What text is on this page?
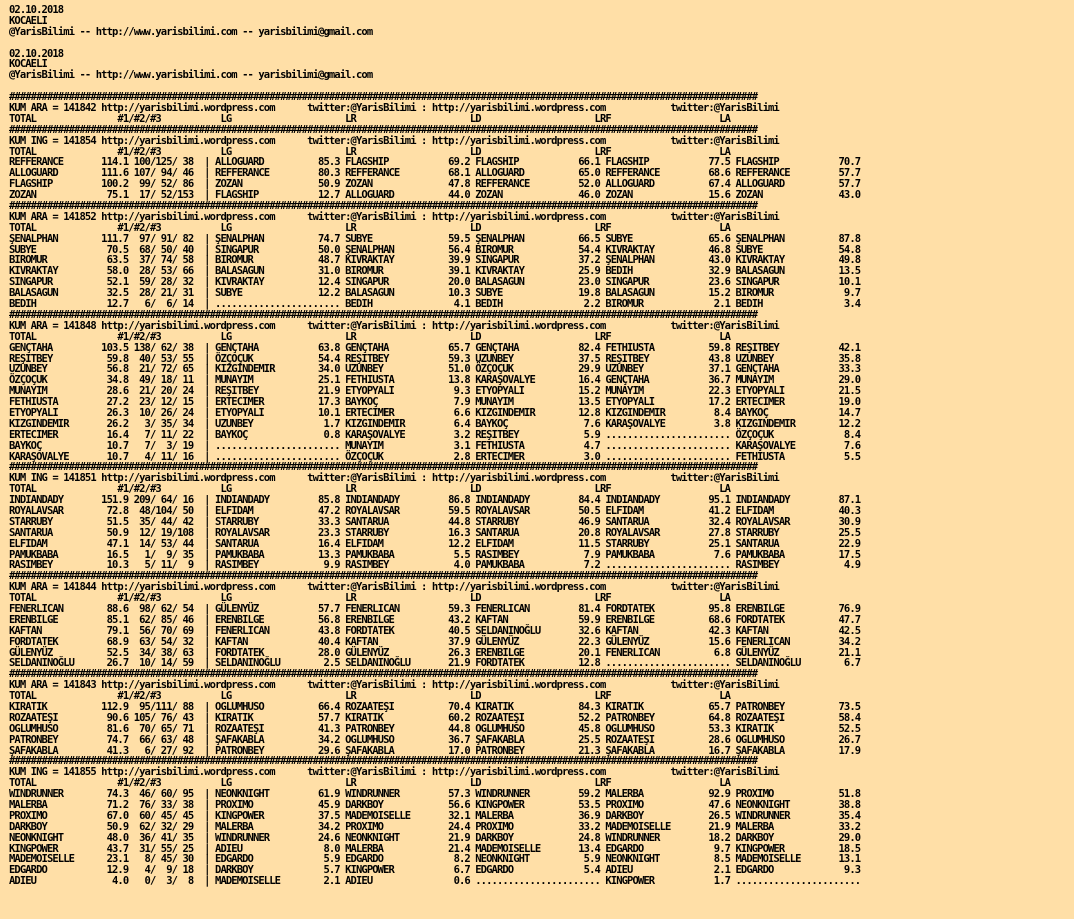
02.10.2018
KOCAELI
@YarisBilimi -- http://www.yarisbilimi.com -- yarisbilimi@gmail.com
02.10.2018
KOCAELI
@YarisBilimi -- http://www.yarisbilimi.com -- yarisbilimi@gmail.com
##########################################################################################################################################
KUM ARA = 141842 http://yarisbilimi.wordpress.com      twitter:@YarisBilimi : http://yarisbilimi.wordpress.com            twitter:@YarisBilimi
TOTAL               #1/#2/#3           LG                     LR                     LD                     LRF                    LA
##########################################################################################################################################
KUM ING = 141854 http://yarisbilimi.wordpress.com      twitter:@YarisBilimi : http://yarisbilimi.wordpress.com            twitter:@YarisBilimi
TOTAL               #1/#2/#3           LG                     LR                     LD                     LRF                    LA
REFFERANCE       114.1 100/125/ 38  | ALLOGUARD          85.3 FLAGSHIP           69.2 FLAGSHIP           66.1 FLAGSHIP           77.5 FLAGSHIP           70.7
ALLOGUARD        111.6 107/ 94/ 46  | REFFERANCE         80.3 REFFERANCE         68.1 ALLOGUARD          65.0 REFFERANCE         68.6 REFFERANCE         57.7
FLAGSHIP         100.2  99/ 52/ 86  | ZOZAN              50.9 ZOZAN              47.8 REFFERANCE         52.0 ALLOGUARD          67.4 ALLOGUARD          57.7
ZOZAN             75.1  17/ 52/153  | FLAGSHIP           12.7 ALLOGUARD          44.0 ZOZAN              46.0 ZOZAN              15.6 ZOZAN              43.0
##########################################################################################################################################
KUM ARA = 141852 http://yarisbilimi.wordpress.com      twitter:@YarisBilimi : http://yarisbilimi.wordpress.com            twitter:@YarisBilimi
TOTAL               #1/#2/#3           LG                     LR                     LD                     LRF                    LA
ŞENALPHAN        111.7  97/ 91/ 82  | ŞENALPHAN          74.7 SUBYE              59.5 ŞENALPHAN          66.5 SUBYE              65.6 ŞENALPHAN          87.8
SUBYE             70.5  68/ 50/ 40  | SINGAPUR           50.0 ŞENALPHAN          56.4 BIROMUR            54.4 KIVRAKTAY          46.8 SUBYE              54.8
BIROMUR           63.5  37/ 74/ 58  | BIROMUR            48.7 KIVRAKTAY          39.9 SINGAPUR           37.2 ŞENALPHAN          43.0 KIVRAKTAY          49.8
KIVRAKTAY         58.0  28/ 53/ 66  | BALASAGUN          31.0 BIROMUR            39.1 KIVRAKTAY          25.9 BEDIH              32.9 BALASAGUN          13.5
SINGAPUR          52.1  59/ 28/ 32  | KIVRAKTAY          12.4 SINGAPUR           20.0 BALASAGUN          23.0 SINGAPUR           23.6 SINGAPUR           10.1
BALASAGUN         32.5  28/ 21/ 31  | SUBYE              12.2 BALASAGUN          10.3 SUBYE              19.8 BALASAGUN          15.2 BIROMUR             9.7
BEDIH             12.7   6/  6/ 14  | ....................... BEDIH               4.1 BEDIH               2.2 BIROMUR             2.1 BEDIH               3.4
##########################################################################################################################################
KUM ARA = 141848 http://yarisbilimi.wordpress.com      twitter:@YarisBilimi : http://yarisbilimi.wordpress.com            twitter:@YarisBilimi
TOTAL               #1/#2/#3           LG                     LR                     LD                     LRF                    LA
GENÇTAHA         103.5 138/ 62/ 38  | GENÇTAHA           63.8 GENÇTAHA           65.7 GENÇTAHA           82.4 FETHIUSTA          59.8 REŞITBEY           42.1
REŞITBEY          59.8  40/ 53/ 55  | ÖZÇOÇUK            54.4 REŞITBEY           59.3 UZUNBEY            37.5 REŞITBEY           43.8 UZUNBEY            35.8
UZUNBEY           56.8  21/ 72/ 65  | KIZGINDEMIR        34.0 UZUNBEY            51.0 ÖZÇOÇUK            29.9 UZUNBEY            37.1 GENÇTAHA           33.3
ÖZÇOÇUK           34.8  49/ 18/ 11  | MUNAYIM            25.1 FETHIUSTA          13.8 KARAŞOVALYE        16.4 GENÇTAHA           36.7 MUNAYIM            29.0
MUNAYIM           28.6  21/ 20/ 24  | REŞITBEY           21.9 ETYOPYALI           9.3 ETYOPYALI          15.2 MUNAYIM            22.3 ETYOPYALI          21.5
FETHIUSTA         27.2  23/ 12/ 15  | ERTECIMER          17.3 BAYKOÇ              7.9 MUNAYIM            13.5 ETYOPYALI          17.2 ERTECIMER          19.0
ETYOPYALI         26.3  10/ 26/ 24  | ETYOPYALI          10.1 ERTECIMER           6.6 KIZGINDEMIR        12.8 KIZGINDEMIR         8.4 BAYKOÇ             14.7
KIZGINDEMIR       26.2   3/ 35/ 34  | UZUNBEY             1.7 KIZGINDEMIR         6.4 BAYKOÇ              7.6 KARAŞOVALYE         3.8 KIZGINDEMIR        12.2
ERTECIMER         16.4   7/ 11/ 22  | BAYKOÇ              0.8 KARAŞOVALYE         3.2 REŞITBEY            5.9 ....................... ÖZÇOÇUK             8.4
BAYKOÇ            10.7   7/  3/ 19  | ....................... MUNAYIM             3.1 FETHIUSTA           4.7 ....................... KARAŞOVALYE         7.6
KARAŞOVALYE       10.7   4/ 11/ 16  | ....................... ÖZÇOÇUK             2.8 ERTECIMER           3.0 ....................... FETHIUSTA           5.5
##########################################################################################################################################
KUM ING = 141851 http://yarisbilimi.wordpress.com      twitter:@YarisBilimi : http://yarisbilimi.wordpress.com            twitter:@YarisBilimi
TOTAL               #1/#2/#3           LG                     LR                     LD                     LRF                    LA
INDIANDADY       151.9 209/ 64/ 16  | INDIANDADY         85.8 INDIANDADY         86.8 INDIANDADY         84.4 INDIANDADY         95.1 INDIANDADY         87.1
ROYALAVSAR        72.8  48/104/ 50  | ELFIDAM            47.2 ROYALAVSAR         59.5 ROYALAVSAR         50.5 ELFIDAM            41.2 ELFIDAM            40.3
STARRUBY          51.5  35/ 44/ 42  | STARRUBY           33.3 SANTARUA           44.8 STARRUBY           46.9 SANTARUA           32.4 ROYALAVSAR         30.9
SANTARUA          50.9  12/ 19/108  | ROYALAVSAR         23.3 STARRUBY           16.3 SANTARUA           20.8 ROYALAVSAR         27.8 STARRUBY           25.5
ELFIDAM           47.1  14/ 53/ 44  | SANTARUA           16.4 ELFIDAM            12.2 ELFIDAM            11.5 STARRUBY           25.1 SANTARUA           22.9
PAMUKBABA         16.5   1/  9/ 35  | PAMUKBABA          13.3 PAMUKBABA           5.5 RASIMBEY            7.9 PAMUKBABA           7.6 PAMUKBABA          17.5
RASIMBEY          10.3   5/ 11/  9  | RASIMBEY            9.9 RASIMBEY            4.0 PAMUKBABA           7.2 ....................... RASIMBEY            4.9
##########################################################################################################################################
KUM ARA = 141844 http://yarisbilimi.wordpress.com      twitter:@YarisBilimi : http://yarisbilimi.wordpress.com            twitter:@YarisBilimi
TOTAL               #1/#2/#3           LG                     LR                     LD                     LRF                    LA
FENERLICAN        88.6  98/ 62/ 54  | GÜLENYÜZ           57.7 FENERLICAN         59.3 FENERLICAN         81.4 FORDTATEK          95.8 ERENBILGE          76.9
ERENBILGE         85.1  62/ 85/ 46  | ERENBILGE          56.8 ERENBILGE          43.2 KAFTAN             59.9 ERENBILGE          68.6 FORDTATEK          47.7
KAFTAN            79.1  56/ 70/ 69  | FENERLICAN         43.8 FORDTATEK          40.5 SELDANINOĞLU       32.6 KAFTAN             42.3 KAFTAN             42.5
FORDTATEK         68.9  63/ 54/ 32  | KAFTAN             40.4 KAFTAN             37.9 GÜLENYÜZ           22.3 GÜLENYÜZ           15.6 FENERLICAN         34.2
GÜLENYÜZ          52.5  34/ 38/ 63  | FORDTATEK          28.0 GÜLENYÜZ           26.3 ERENBILGE          20.1 FENERLICAN          6.8 GÜLENYÜZ           21.1
SELDANINOĞLU      26.7  10/ 14/ 59  | SELDANINOĞLU        2.5 SELDANINOĞLU       21.9 FORDTATEK          12.8 ....................... SELDANINOĞLU        6.7
##########################################################################################################################################
KUM ARA = 141843 http://yarisbilimi.wordpress.com      twitter:@YarisBilimi : http://yarisbilimi.wordpress.com            twitter:@YarisBilimi
TOTAL               #1/#2/#3           LG                     LR                     LD                     LRF                    LA
KIRATIK          112.9  95/111/ 88  | OGLUMHUSO          66.4 ROZAATEŞI          70.4 KIRATIK            84.3 KIRATIK            65.7 PATRONBEY          73.5
ROZAATEŞI         90.6 105/ 76/ 43  | KIRATIK            57.7 KIRATIK            60.2 ROZAATEŞI          52.2 PATRONBEY          64.8 ROZAATEŞI          58.4
OGLUMHUSO         81.6  70/ 65/ 71  | ROZAATEŞI          41.3 PATRONBEY          44.8 OGLUMHUSO          45.8 OGLUMHUSO          53.3 KIRATIK            52.5
PATRONBEY         74.7  66/ 63/ 48  | ŞAFAKABLA          34.2 OGLUMHUSO          36.7 ŞAFAKABLA          25.5 ROZAATEŞI          28.6 OGLUMHUSO          26.7
ŞAFAKABLA         41.3   6/ 27/ 92  | PATRONBEY          29.6 ŞAFAKABLA          17.0 PATRONBEY          21.3 ŞAFAKABLA          16.7 ŞAFAKABLA          17.9
##########################################################################################################################################
KUM ING = 141855 http://yarisbilimi.wordpress.com      twitter:@YarisBilimi : http://yarisbilimi.wordpress.com            twitter:@YarisBilimi
TOTAL               #1/#2/#3           LG                     LR                     LD                     LRF                    LA
WINDRUNNER        74.3  46/ 60/ 95  | NEONKNIGHT         61.9 WINDRUNNER         57.3 WINDRUNNER         59.2 MALERBA            92.9 PROXIMO            51.8
MALERBA           71.2  76/ 33/ 38  | PROXIMO            45.9 DARKBOY            56.6 KINGPOWER          53.5 PROXIMO            47.6 NEONKNIGHT         38.8
PROXIMO           67.0  60/ 45/ 45  | KINGPOWER          37.5 MADEMOISELLE       32.1 MALERBA            36.9 DARKBOY            26.5 WINDRUNNER         35.4
DARKBOY           50.9  62/ 32/ 29  | MALERBA            34.2 PROXIMO            24.4 PROXIMO            33.2 MADEMOISELLE       21.9 MALERBA            33.2
NEONKNIGHT        48.0  36/ 41/ 35  | WINDRUNNER         24.6 NEONKNIGHT         21.9 DARKBOY            24.8 WINDRUNNER         18.2 DARKBOY            29.0
KINGPOWER         43.7  31/ 55/ 25  | ADIEU               8.0 MALERBA            21.4 MADEMOISELLE       13.4 EDGARDO             9.7 KINGPOWER          18.5
MADEMOISELLE      23.1   8/ 45/ 30  | EDGARDO             5.9 EDGARDO             8.2 NEONKNIGHT          5.9 NEONKNIGHT          8.5 MADEMOISELLE       13.1
EDGARDO           12.9   4/  9/ 18  | DARKBOY             5.7 KINGPOWER           6.7 EDGARDO             5.4 ADIEU               2.1 EDGARDO             9.3
ADIEU              4.0   0/  3/  8  | MADEMOISELLE        2.1 ADIEU               0.6 ....................... KINGPOWER           1.7 .......................
